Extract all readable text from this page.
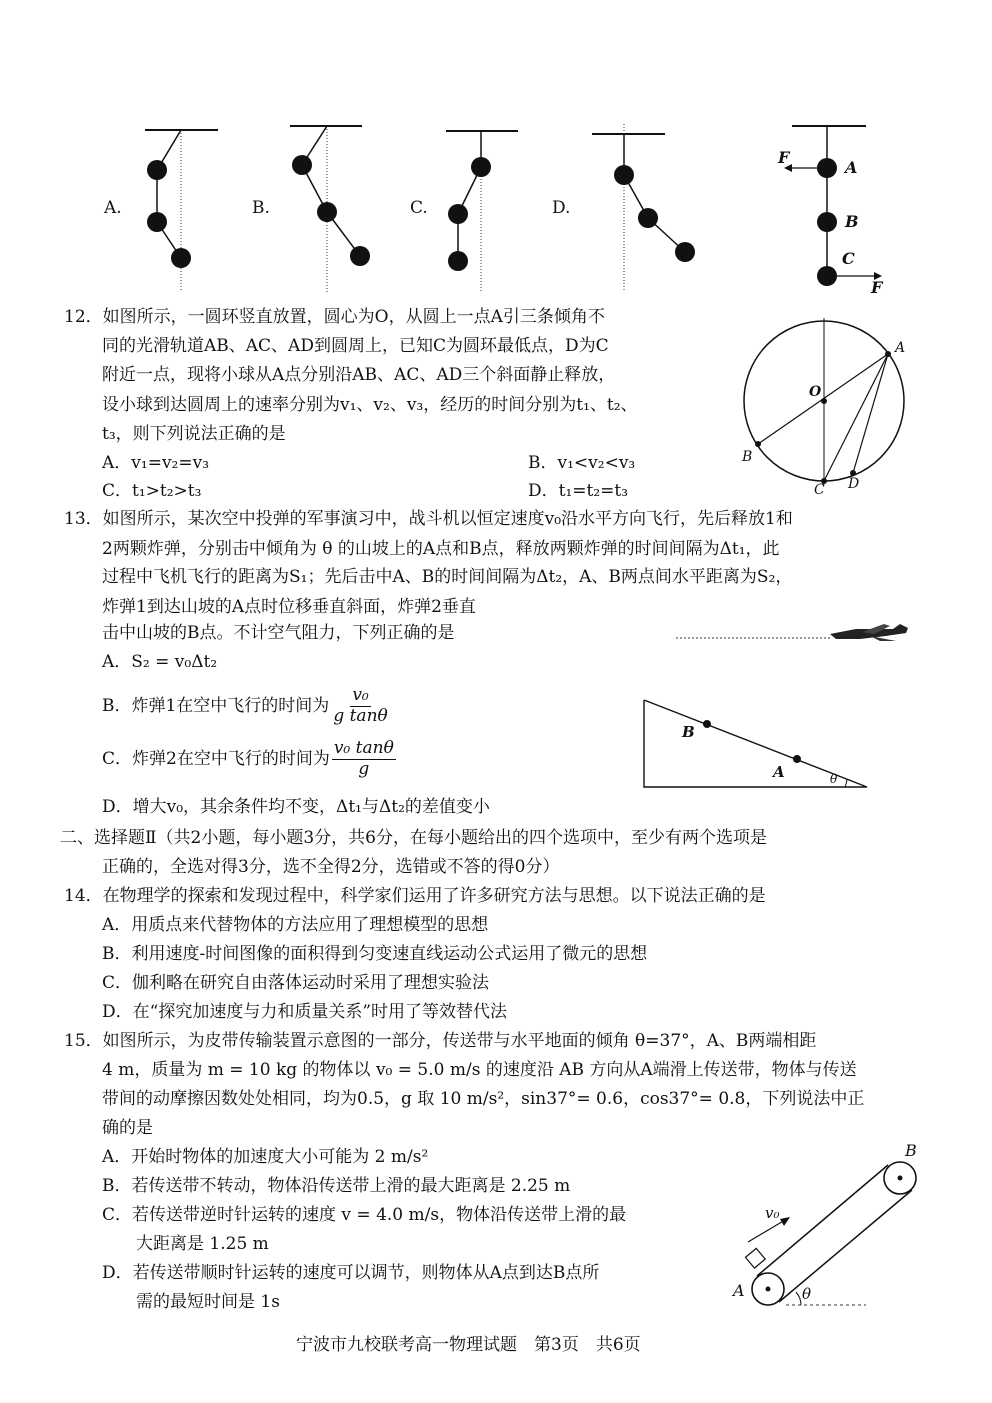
A.	B.	C.	D.
F
A
B
C
F
12．如图所示，一圆环竖直放置，圆心为O，从圆上一点A引三条倾角不
同的光滑轨道AB、AC、AD到圆周上，已知C为圆环最低点，D为C
附近一点，现将小球从A点分别沿AB、AC、AD三个斜面静止释放，
设小球到达圆周上的速率分别为v₁、v₂、v₃，经历的时间分别为t₁、t₂、
t₃，则下列说法正确的是
A．v₁=v₂=v₃	B．v₁<v₂<v₃
C．t₁>t₂>t₃	D．t₁=t₂=t₃
O
A
B
C D
13．如图所示，某次空中投弹的军事演习中，战斗机以恒定速度v₀沿水平方向飞行，先后释放1和
2两颗炸弹，分别击中倾角为 θ 的山坡上的A点和B点，释放两颗炸弹的时间间隔为Δt₁，此
过程中飞机飞行的距离为S₁；先后击中A、B的时间间隔为Δt₂，A、B两点间水平距离为S₂，
炸弹1到达山坡的A点时位移垂直斜面，炸弹2垂直
击中山坡的B点。不计空气阻力，下列正确的是
A．S₂ = v₀Δt₂
B．炸弹1在空中飞行的时间为 $\frac{\text{v₀}}{\text{g tanθ}}$
C．炸弹2在空中飞行的时间为 $\frac{\text{v₀ tanθ}}{g}$
D．增大v₀，其余条件均不变，Δt₁与Δt₂的差值变小
B
A	θ
二、选择题Ⅱ（共2小题，每小题3分，共6分，在每小题给出的四个选项中，至少有两个选项是
正确的，全选对得3分，选不全得2分，选错或不答的得0分）
14．在物理学的探索和发现过程中，科学家们运用了许多研究方法与思想。以下说法正确的是
A．用质点来代替物体的方法应用了理想模型的思想
B．利用速度-时间图像的面积得到匀变速直线运动公式运用了微元的思想
C．伽利略在研究自由落体运动时采用了理想实验法
D．在“探究加速度与力和质量关系”时用了等效替代法
15．如图所示，为皮带传输装置示意图的一部分，传送带与水平地面的倾角 θ=37°，A、B两端相距
4 m，质量为 m = 10 kg 的物体以 v₀ = 5.0 m/s 的速度沿 AB 方向从A端滑上传送带，物体与传送
带间的动摩擦因数处处相同，均为0.5，g 取 10 m/s²，sin37°= 0.6，cos37°= 0.8，下列说法中正
确的是
A．开始时物体的加速度大小可能为 2 m/s²
B．若传送带不转动，物体沿传送带上滑的最大距离是 2.25 m
C．若传送带逆时针运转的速度 v = 4.0 m/s，物体沿传送带上滑的最
大距离是 1.25 m
D．若传送带顺时针运转的速度可以调节，则物体从A点到达B点所
需的最短时间是 1s
B
A
v₀
θ
宁波市九校联考高一物理试题　第3页　共6页
